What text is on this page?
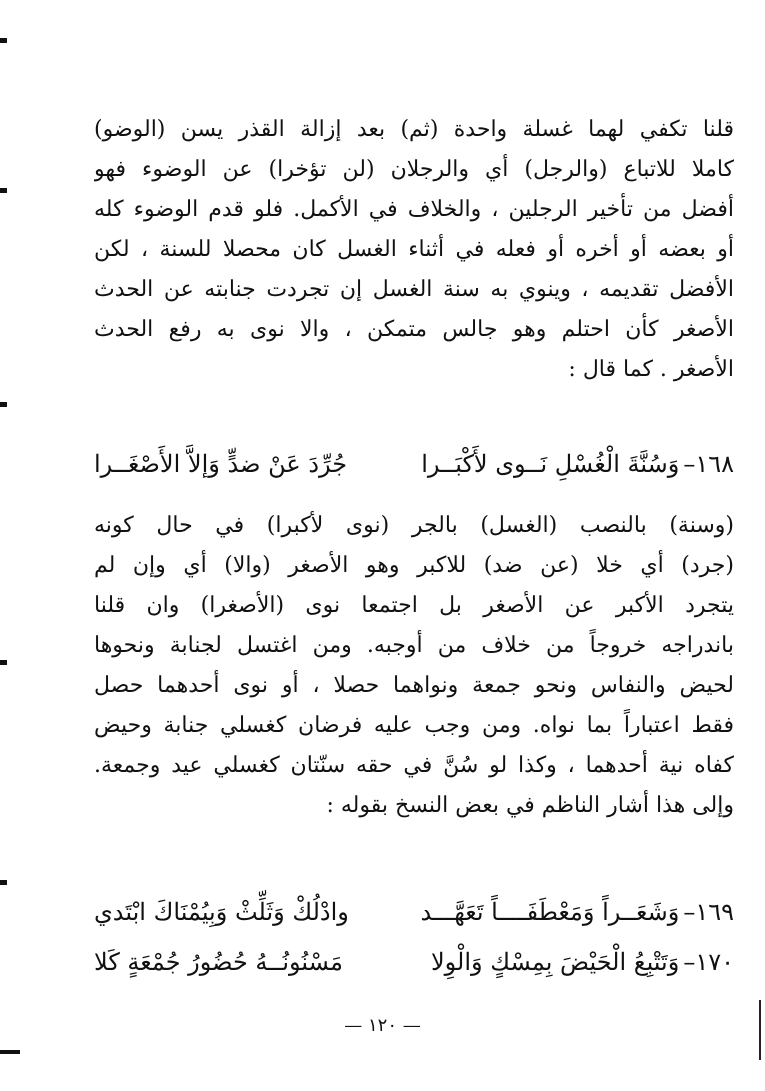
قلنا تكفي لهما غسلة واحدة (ثم) بعد إزالة القذر يسن (الوضو)
كاملا للاتباع (والرجل) أي والرجلان (لن تؤخرا) عن الوضوء فهو
أفضل من تأخير الرجلين ، والخلاف في الأكمل. فلو قدم الوضوء كله
أو بعضه أو أخره أو فعله في أثناء الغسل كان محصلا للسنة ، لكن
الأفضل تقديمه ، وينوي به سنة الغسل إن تجردت جنابته عن الحدث
الأصغر كأن احتلم وهو جالس متمكن ، والا نوى به رفع الحدث
الأصغر . كما قال :
١٦٨–وَسُنَّةَ الْغُسْلِ نَــوى لأَكْبَــرا
جُرِّدَ عَنْ ضدٍّ وَإلاَّ الأَصْغَــرا
(وسنة) بالنصب (الغسل) بالجر (نوى لأكبرا) في حال كونه
(جرد) أي خلا (عن ضد) للاكبر وهو الأصغر (والا) أي وإن لم
يتجرد الأكبر عن الأصغر بل اجتمعا نوى (الأصغرا) وان قلنا
باندراجه خروجاً من خلاف من أوجبه. ومن اغتسل لجنابة ونحوها
لحيض والنفاس ونحو جمعة ونواهما حصلا ، أو نوى أحدهما حصل
فقط اعتباراً بما نواه. ومن وجب عليه فرضان كغسلي جنابة وحيض
كفاه نية أحدهما ، وكذا لو سُنَّ في حقه سنّتان كغسلي عيد وجمعة.
وإلى هذا أشار الناظم في بعض النسخ بقوله :
١٦٩–وَشَعَــراً وَمَعْطَفَــــاً تَعَهَّـــد
وادْلُكْ وَثَلِّثْ وَبِيُمْنَاكَ ابْتَدي
١٧٠–وَتَتْبِعُ الْحَيْضَ بِمِسْكٍ وَالْوِلا
مَسْنُونُــهُ حُضُورُ جُمْعَةٍ كَلا
— ١٢٠ —
